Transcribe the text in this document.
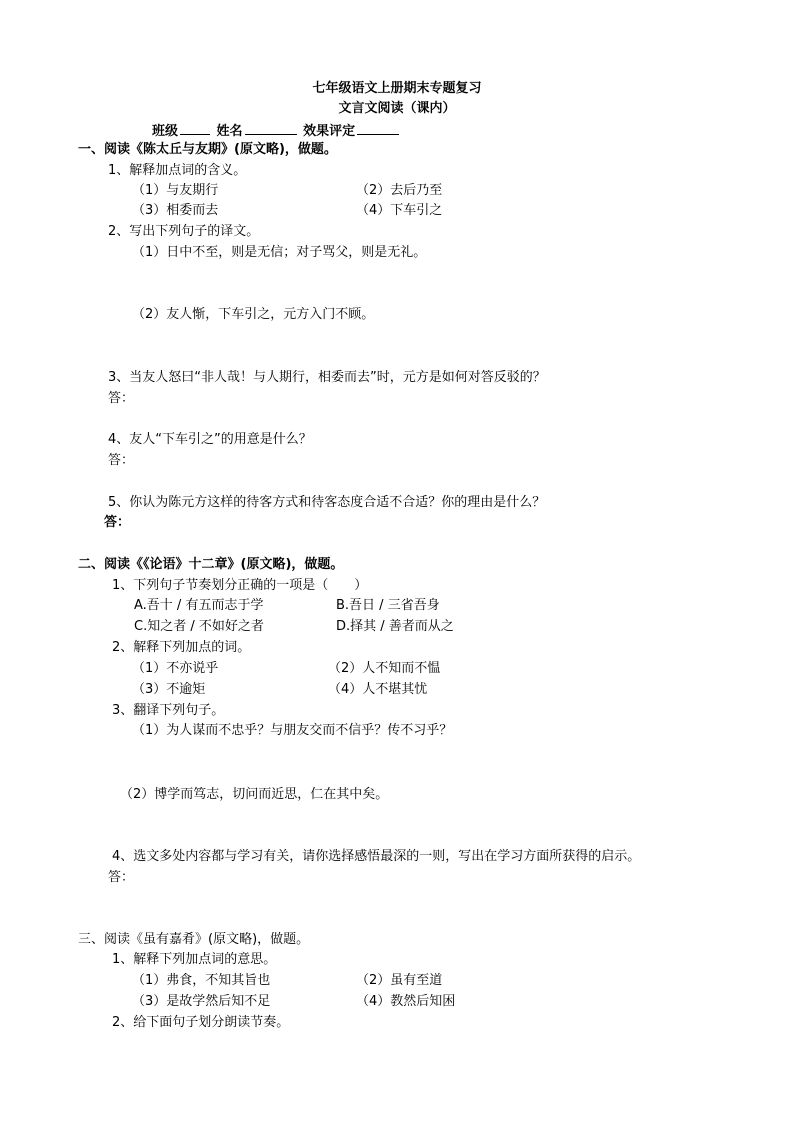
七年级语文上册期末专题复习
文言文阅读（课内）
班级	姓名	效果评定
一、阅读《陈太丘与友期》(原文略)，做题。
1、解释加点词的含义。
（1）与友期行	（2）去后乃至
（3）相委而去	（4）下车引之
2、写出下列句子的译文。
（1）日中不至，则是无信；对子骂父，则是无礼。
（2）友人惭，下车引之，元方入门不顾。
3、当友人怒曰“非人哉！与人期行，相委而去”时，元方是如何对答反驳的？
答：
4、友人“下车引之”的用意是什么？
答：
5、你认为陈元方这样的待客方式和待客态度合适不合适？你的理由是什么？
答：
二、阅读《《论语》十二章》(原文略)，做题。
1、下列句子节奏划分正确的一项是（　　）
A.吾十 / 有五而志于学	B.吾日 / 三省吾身
C.知之者 / 不如好之者	D.择其 / 善者而从之
2、解释下列加点的词。
（1）不亦说乎	（2）人不知而不愠
（3）不逾矩	（4）人不堪其忧
3、翻译下列句子。
（1）为人谋而不忠乎？与朋友交而不信乎？传不习乎？
（2）博学而笃志，切问而近思，仁在其中矣。
4、选文多处内容都与学习有关，请你选择感悟最深的一则，写出在学习方面所获得的启示。
答：
三、阅读《虽有嘉肴》(原文略)，做题。
1、解释下列加点词的意思。
（1）弗食，不知其旨也	（2）虽有至道
（3）是故学然后知不足	（4）教然后知困
2、给下面句子划分朗读节奏。
